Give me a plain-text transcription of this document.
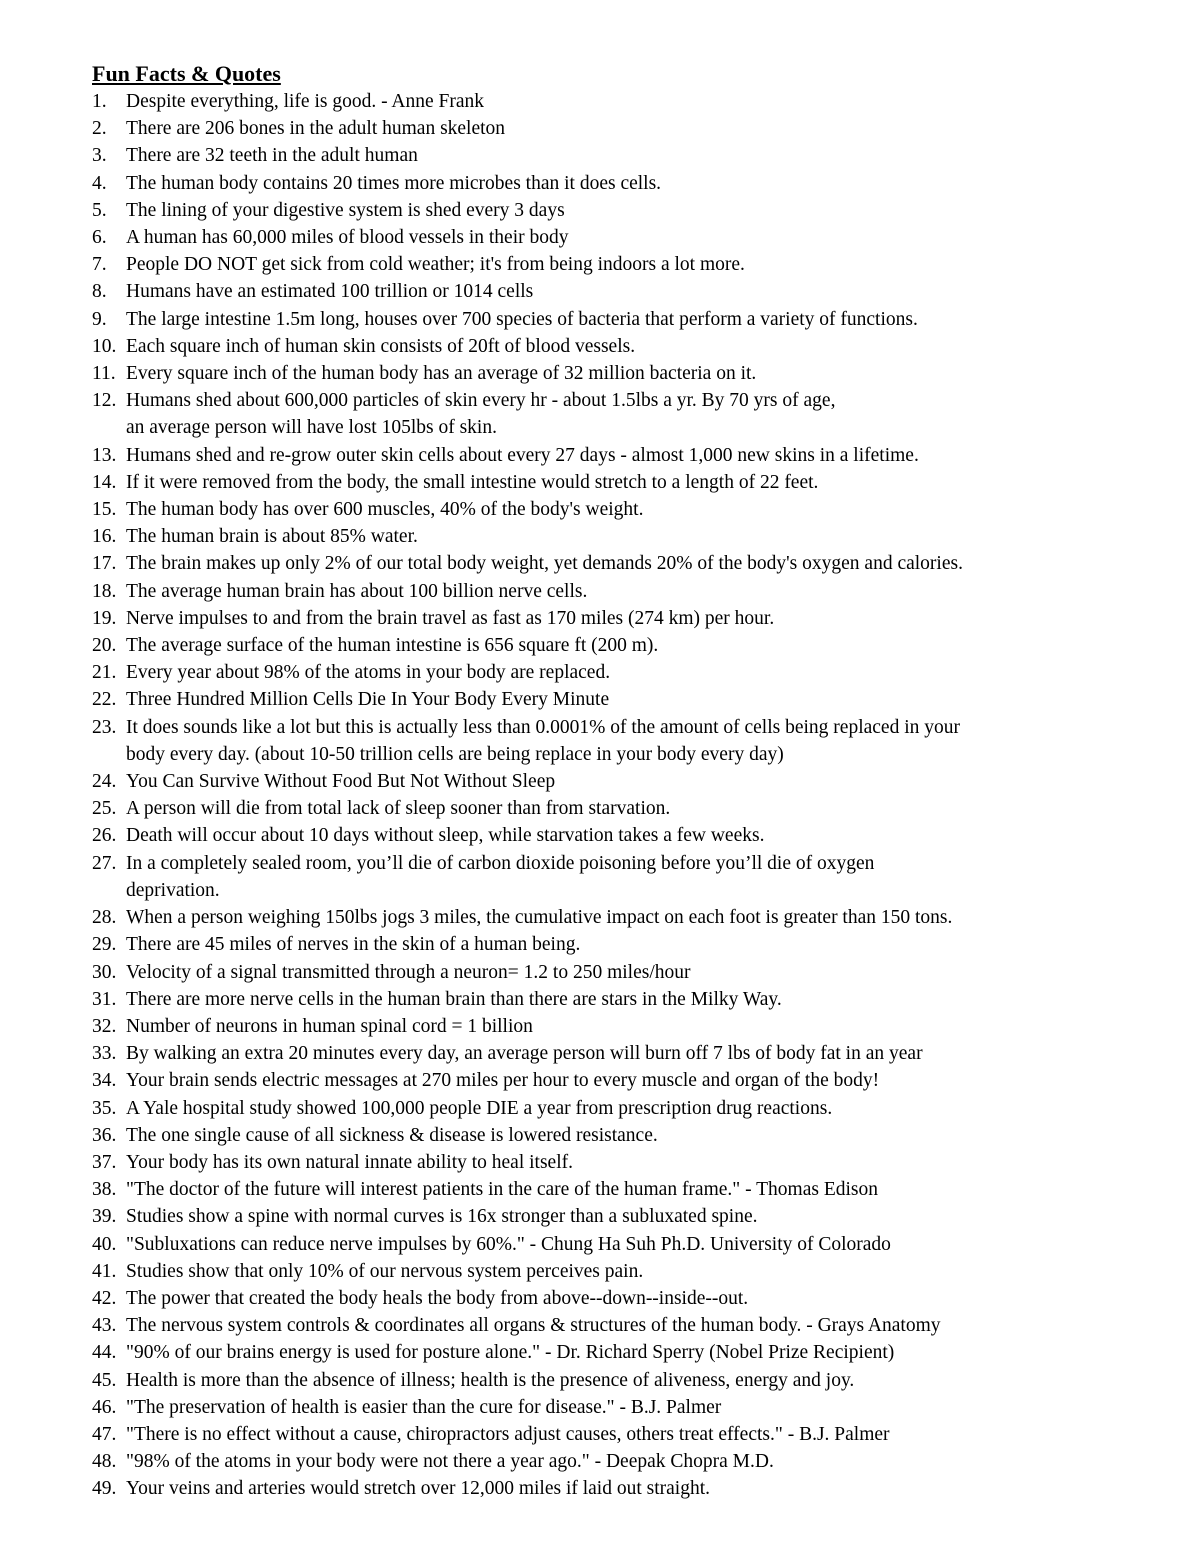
Fun Facts & Quotes
1. Despite everything, life is good. - Anne Frank
2. There are 206 bones in the adult human skeleton
3. There are 32 teeth in the adult human
4. The human body contains 20 times more microbes than it does cells.
5. The lining of your digestive system is shed every 3 days
6. A human has 60,000 miles of blood vessels in their body
7. People DO NOT get sick from cold weather; it's from being indoors a lot more.
8. Humans have an estimated 100 trillion or 1014 cells
9. The large intestine 1.5m long, houses over 700 species of bacteria that perform a variety of functions.
10. Each square inch of human skin consists of 20ft of blood vessels.
11. Every square inch of the human body has an average of 32 million bacteria on it.
12. Humans shed about 600,000 particles of skin every hr - about 1.5lbs a yr. By 70 yrs of age,
an average person will have lost 105lbs of skin.
13. Humans shed and re-grow outer skin cells about every 27 days - almost 1,000 new skins in a lifetime.
14. If it were removed from the body, the small intestine would stretch to a length of 22 feet.
15. The human body has over 600 muscles, 40% of the body's weight.
16. The human brain is about 85% water.
17. The brain makes up only 2% of our total body weight, yet demands 20% of the body's oxygen and calories.
18. The average human brain has about 100 billion nerve cells.
19. Nerve impulses to and from the brain travel as fast as 170 miles (274 km) per hour.
20. The average surface of the human intestine is 656 square ft (200 m).
21. Every year about 98% of the atoms in your body are replaced.
22. Three Hundred Million Cells Die In Your Body Every Minute
23. It does sounds like a lot but this is actually less than 0.0001% of the amount of cells being replaced in your
body every day. (about 10-50 trillion cells are being replace in your body every day)
24. You Can Survive Without Food But Not Without Sleep
25. A person will die from total lack of sleep sooner than from starvation.
26. Death will occur about 10 days without sleep, while starvation takes a few weeks.
27. In a completely sealed room, you’ll die of carbon dioxide poisoning before you’ll die of oxygen
deprivation.
28. When a person weighing 150lbs jogs 3 miles, the cumulative impact on each foot is greater than 150 tons.
29. There are 45 miles of nerves in the skin of a human being.
30. Velocity of a signal transmitted through a neuron= 1.2 to 250 miles/hour
31. There are more nerve cells in the human brain than there are stars in the Milky Way.
32. Number of neurons in human spinal cord = 1 billion
33. By walking an extra 20 minutes every day, an average person will burn off 7 lbs of body fat in an year
34. Your brain sends electric messages at 270 miles per hour to every muscle and organ of the body!
35. A Yale hospital study showed 100,000 people DIE a year from prescription drug reactions.
36. The one single cause of all sickness & disease is lowered resistance.
37. Your body has its own natural innate ability to heal itself.
38. "The doctor of the future will interest patients in the care of the human frame." - Thomas Edison
39. Studies show a spine with normal curves is 16x stronger than a subluxated spine.
40. "Subluxations can reduce nerve impulses by 60%." - Chung Ha Suh Ph.D. University of Colorado
41. Studies show that only 10% of our nervous system perceives pain.
42. The power that created the body heals the body from above--down--inside--out.
43. The nervous system controls & coordinates all organs & structures of the human body. - Grays Anatomy
44. "90% of our brains energy is used for posture alone." - Dr. Richard Sperry (Nobel Prize Recipient)
45. Health is more than the absence of illness; health is the presence of aliveness, energy and joy.
46. "The preservation of health is easier than the cure for disease." - B.J. Palmer
47. "There is no effect without a cause, chiropractors adjust causes, others treat effects." - B.J. Palmer
48. "98% of the atoms in your body were not there a year ago." - Deepak Chopra M.D.
49. Your veins and arteries would stretch over 12,000 miles if laid out straight.
